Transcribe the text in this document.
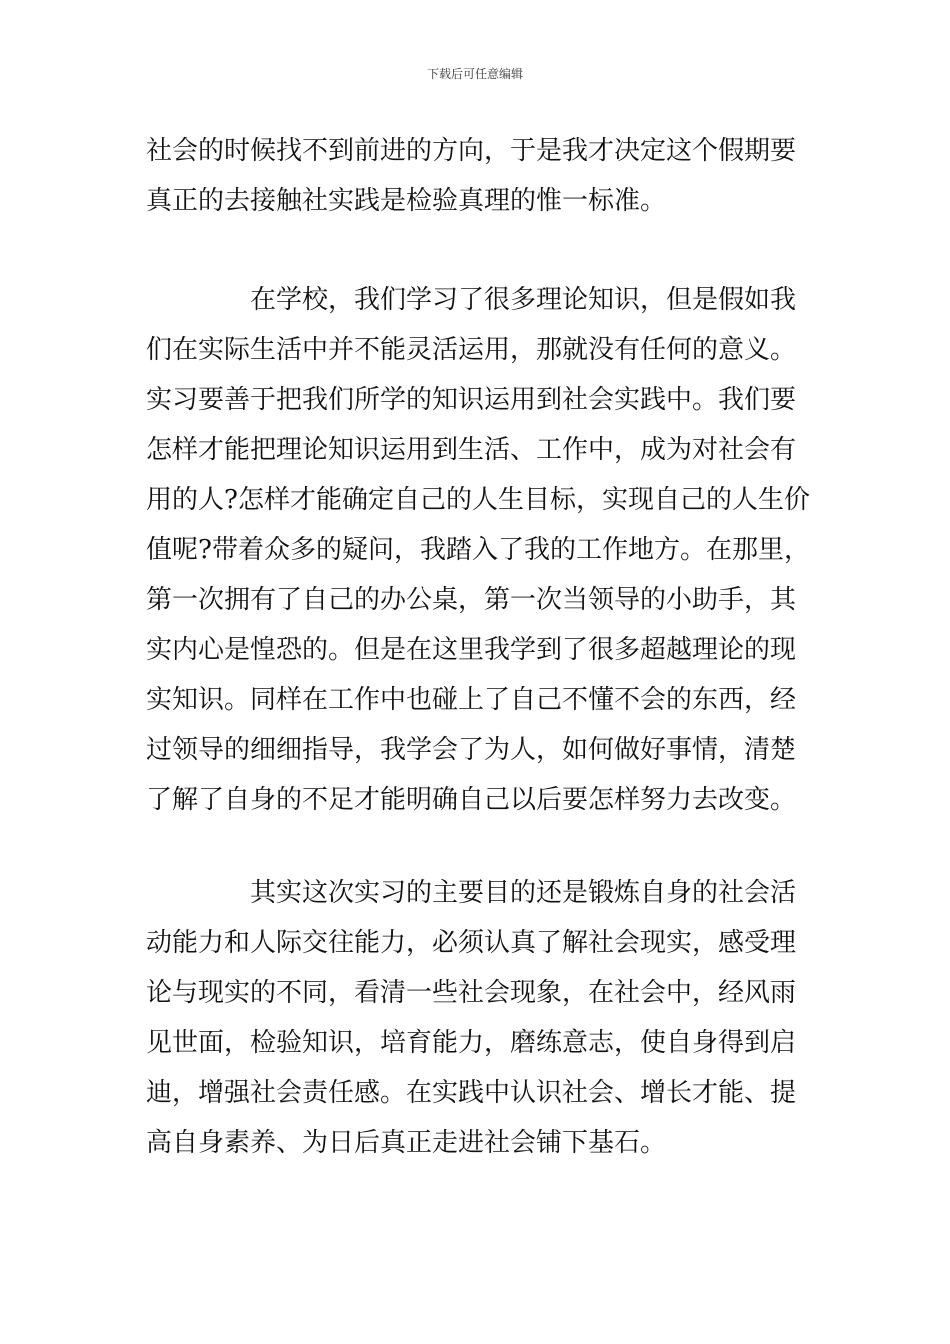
下载后可任意编辑

社会的时候找不到前进的方向，于是我才决定这个假期要
真正的去接触社实践是检验真理的惟一标准。

　　　　在学校，我们学习了很多理论知识，但是假如我
们在实际生活中并不能灵活运用，那就没有任何的意义。
实习要善于把我们所学的知识运用到社会实践中。我们要
怎样才能把理论知识运用到生活、工作中，成为对社会有
用的人?怎样才能确定自己的人生目标，实现自己的人生价
值呢?带着众多的疑问，我踏入了我的工作地方。在那里，
第一次拥有了自己的办公桌，第一次当领导的小助手，其
实内心是惶恐的。但是在这里我学到了很多超越理论的现
实知识。同样在工作中也碰上了自己不懂不会的东西，经
过领导的细细指导，我学会了为人，如何做好事情，清楚
了解了自身的不足才能明确自己以后要怎样努力去改变。

　　　　其实这次实习的主要目的还是锻炼自身的社会活
动能力和人际交往能力，必须认真了解社会现实，感受理
论与现实的不同，看清一些社会现象，在社会中，经风雨
见世面，检验知识，培育能力，磨练意志，使自身得到启
迪，增强社会责任感。在实践中认识社会、增长才能、提
高自身素养、为日后真正走进社会铺下基石。
